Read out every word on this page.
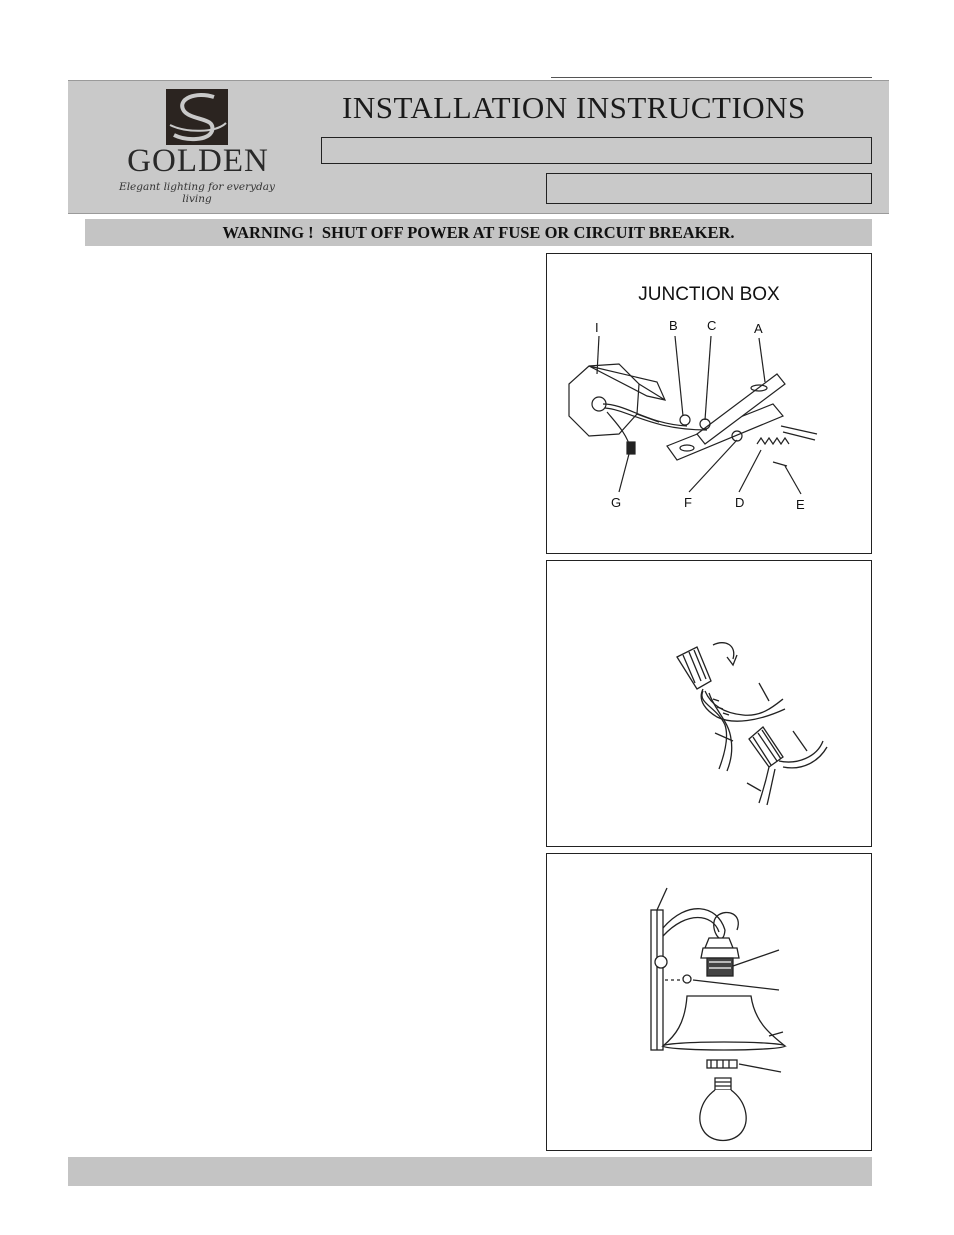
GOLDEN
Elegant lighting for everyday living
INSTALLATION INSTRUCTIONS
WARNING !  SHUT OFF POWER AT FUSE OR CIRCUIT BREAKER.
JUNCTION BOX
I	B C	A
G	F	D	E
